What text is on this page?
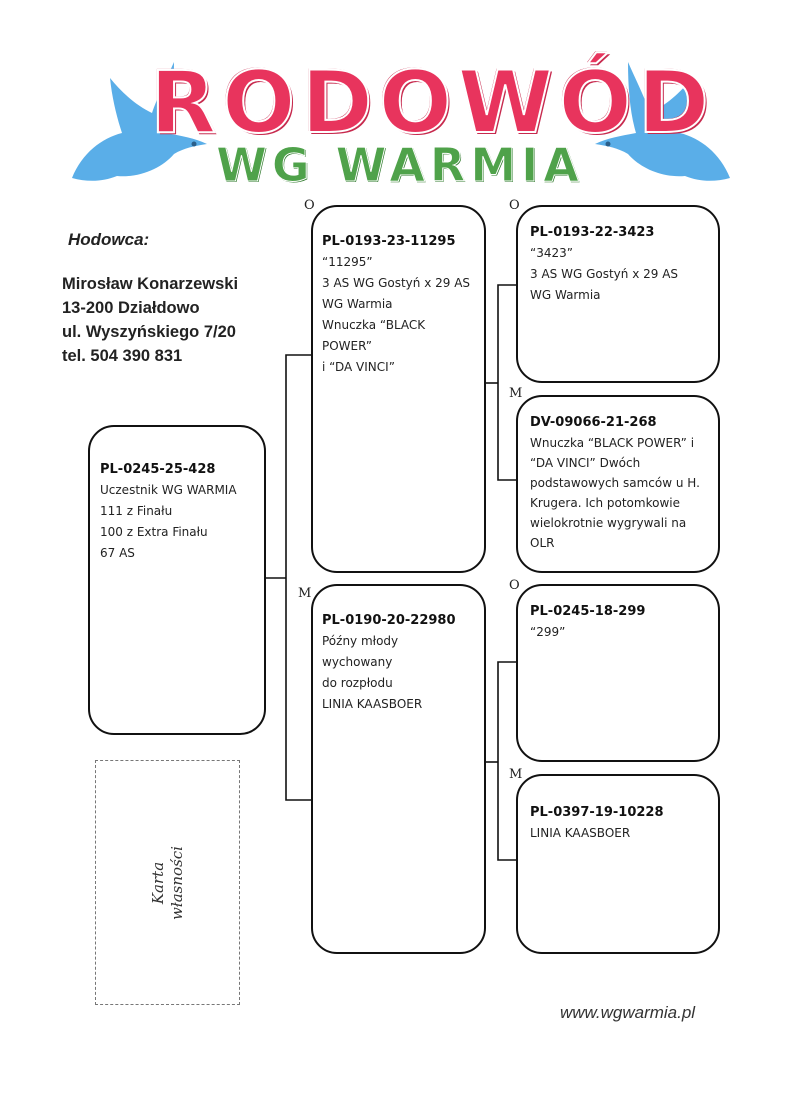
RODOWÓD
WG WARMIA
Hodowca:
Mirosław Konarzewski
13-200 Działdowo
ul. Wyszyńskiego 7/20
tel. 504 390 831
PL-0245-25-428
Uczestnik WG WARMIA
111 z Finału
100 z Extra Finału
67 AS
O
PL-0193-23-11295
“11295”
3 AS WG Gostyń x 29 AS
WG Warmia
Wnuczka “BLACK POWER”
i “DA VINCI”
M
PL-0190-20-22980
Późny młody wychowany
do rozpłodu
LINIA KAASBOER
O
PL-0193-22-3423
“3423”
3 AS WG Gostyń x 29 AS
WG Warmia
M
DV-09066-21-268
Wnuczka “BLACK POWER” i
“DA VINCI” Dwóch
podstawowych samców u H.
Krugera. Ich potomkowie
wielokrotnie wygrywali na
OLR
O
PL-0245-18-299
“299”
M
PL-0397-19-10228
LINIA KAASBOER
Karta własności
www.wgwarmia.pl
